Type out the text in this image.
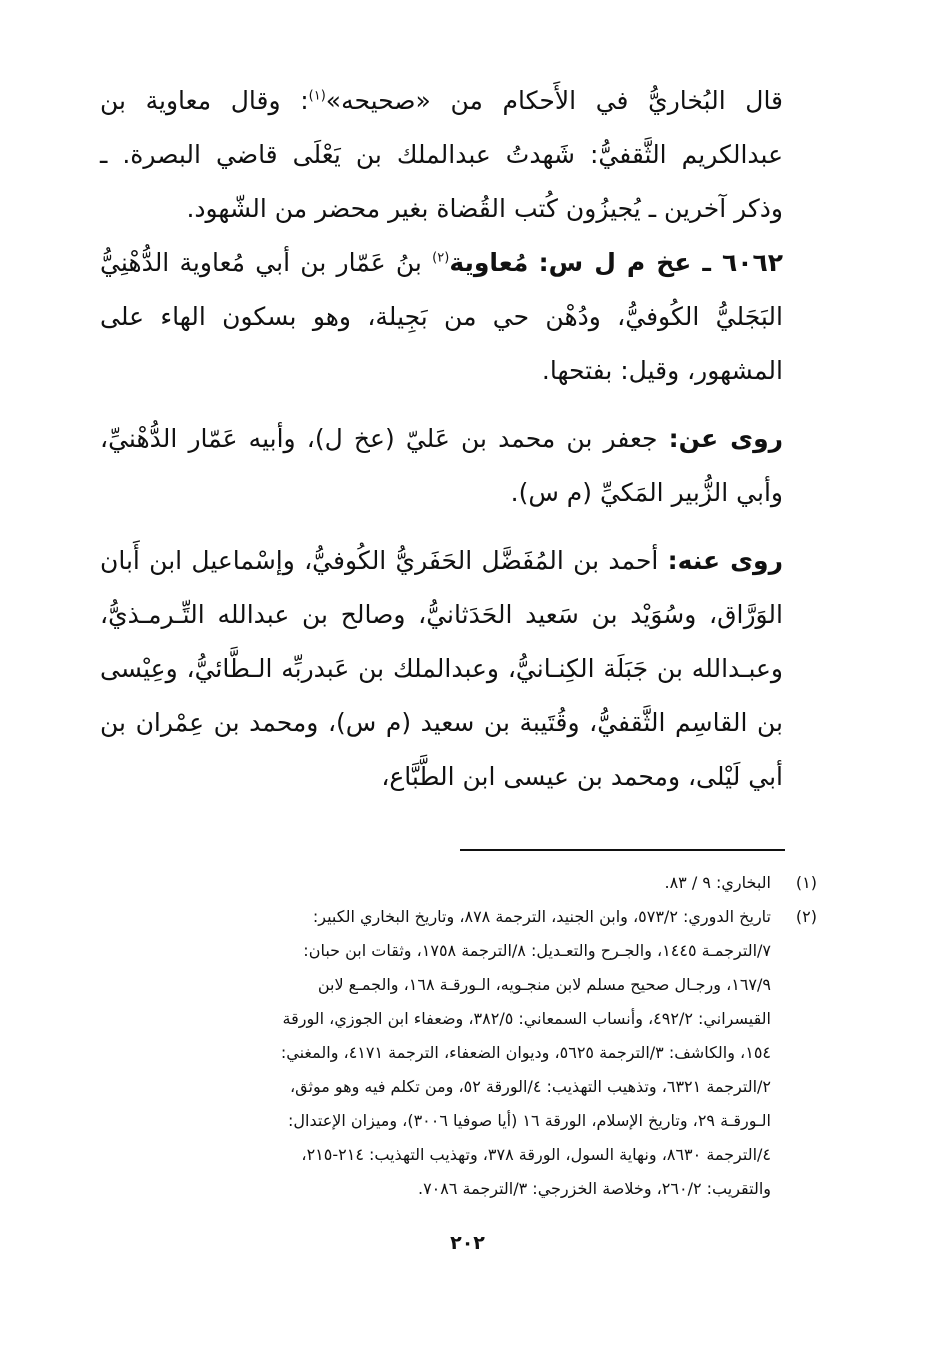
قال البُخاريُّ في الأَحكام من «صحيحه»$^{(١)}$: وقال معاوية بن عبدالكريم الثَّقفيُّ: شَهدتُ عبدالملك بن يَعْلَى قاضي البصرة. ـ وذكر آخرين ـ يُجيزُون كُتب القُضاة بغير محضر من الشّهود.

٦٠٦٢ ـ عخ م ل س: مُعاوية$^{(٢)}$ بنُ عَمّار بن أبي مُعاوية الدُّهْنِيُّ البَجَليُّ الكُوفيُّ، ودُهْن حي من بَجِيلة، وهو بسكون الهاء على المشهور، وقيل: بفتحها.

روى عن: جعفر بن محمد بن عَليّ (عخ ل)، وأبيه عَمّار الدُّهْنيِّ، وأبي الزُّبير المَكيِّ (م س).

روى عنه: أحمد بن المُفَضَّل الحَفَريُّ الكُوفيُّ، وإسْماعيل ابن أَبان الوَرَّاق، وسُوَيْد بن سَعيد الحَدَثانيُّ، وصالح بن عبدالله التِّـرمـذيُّ، وعبـدالله بن جَبَلَة الكِنـانيُّ، وعبدالملك بن عَبدربِّه الـطَّائيُّ، وعِيْسى بن القاسِم الثَّقفيُّ، وقُتَيبة بن سعيد (م س)، ومحمد بن عِمْران بن أبي لَيْلى، ومحمد بن عيسى ابن الطَّبَّاع،

(١)
البخاري: ٩ / ٨٣.
(٢)
تاريخ الدوري: ٥٧٣/٢، وابن الجنيد، الترجمة ٨٧٨، وتاريخ البخاري الكبير:
٧/الترجمـة ١٤٤٥، والجـرح والتعـديل: ٨/الترجمة ١٧٥٨، وثقات ابن حبان:
١٦٧/٩، ورجـال صحيح مسلم لابن منجـويه، الـورقـة ١٦٨، والجمـع لابن
القيسراني: ٤٩٢/٢، وأنساب السمعاني: ٣٨٢/٥، وضعفاء ابن الجوزي، الورقة
١٥٤، والكاشف: ٣/الترجمة ٥٦٢٥، وديوان الضعفاء، الترجمة ٤١٧١، والمغني:
٢/الترجمة ٦٣٢١، وتذهيب التهذيب: ٤/الورقة ٥٢، ومن تكلم فيه وهو موثق،
الـورقـة ٢٩، وتاريخ الإسلام، الورقة ١٦ (أيا صوفيا ٣٠٠٦)، وميزان الإعتدال:
٤/الترجمة ٨٦٣٠، ونهاية السول، الورقة ٣٧٨، وتهذيب التهذيب: ٢١٤-٢١٥،
والتقريب: ٢٦٠/٢، وخلاصة الخزرجي: ٣/الترجمة ٧٠٨٦.
٢٠٢
